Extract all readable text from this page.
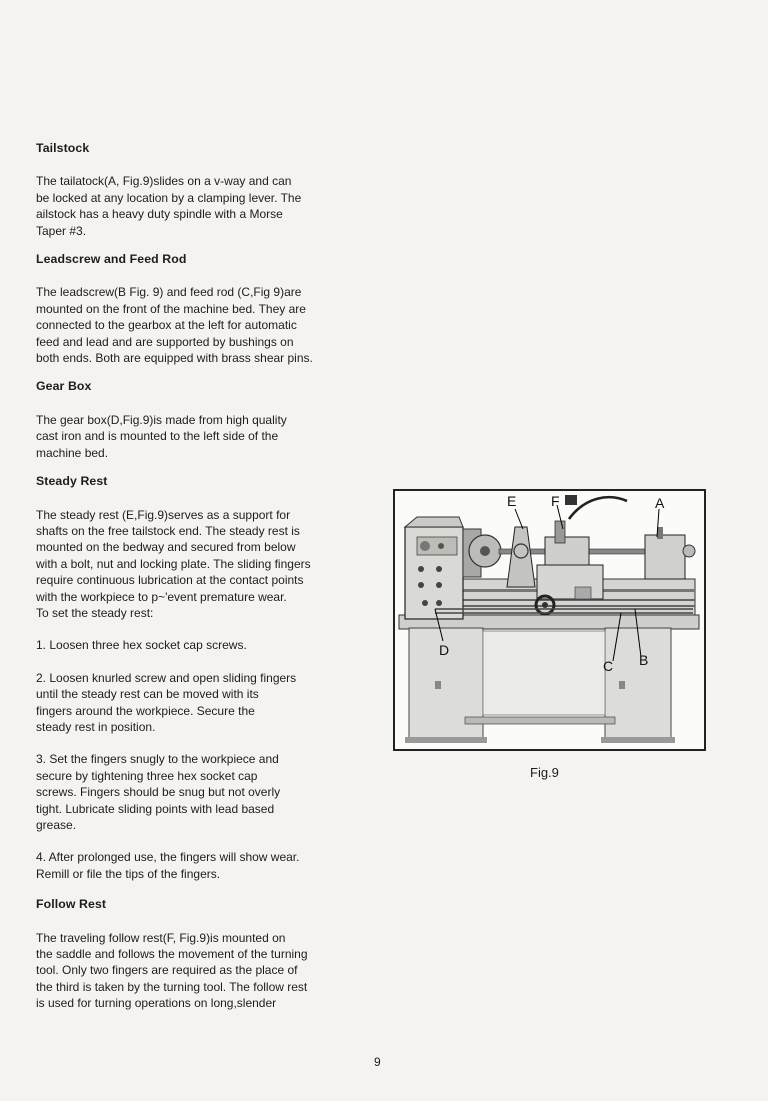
Tailstock

The tailatock(A, Fig.9)slides on a v-way and can
be locked at any location by a clamping lever. The
ailstock has a heavy duty spindle with a Morse
Taper #3.

Leadscrew and Feed Rod

The leadscrew(B Fig. 9) and feed rod (C,Fig 9)are
mounted on the front of the machine bed. They are
connected to the gearbox at the left for automatic
feed and lead and are supported by bushings on
both ends. Both are equipped with brass shear pins.

Gear Box

The gear box(D,Fig.9)is made from high quality
cast iron and is mounted to the left side of the
machine bed.

Steady Rest

The steady rest (E,Fig.9)serves as a support for
shafts on the free tailstock end. The steady rest is
mounted on the bedway and secured from below
with a bolt, nut and locking plate. The sliding fingers
require continuous lubrication at the contact points
with the workpiece to p~'event premature wear.
To set the steady rest:

1. Loosen three hex socket cap screws.

2. Loosen knurled screw and open sliding fingers
until the steady rest can be moved with its
fingers around the workpiece. Secure the
steady rest in position.

3. Set the fingers snugly to the workpiece and
secure by tightening three hex socket cap
screws. Fingers should be snug but not overly
tight. Lubricate sliding points with lead based
grease.

4. After prolonged use, the fingers will show wear.
Remill or file the tips of the fingers.

Follow Rest

The traveling follow rest(F, Fig.9)is mounted on
the saddle and follows the movement of the turning
tool. Only two fingers are required as the place of
the third is taken by the turning tool. The follow rest
is used for turning operations on long,slender

E F	A
D
C B
Fig.9
9
